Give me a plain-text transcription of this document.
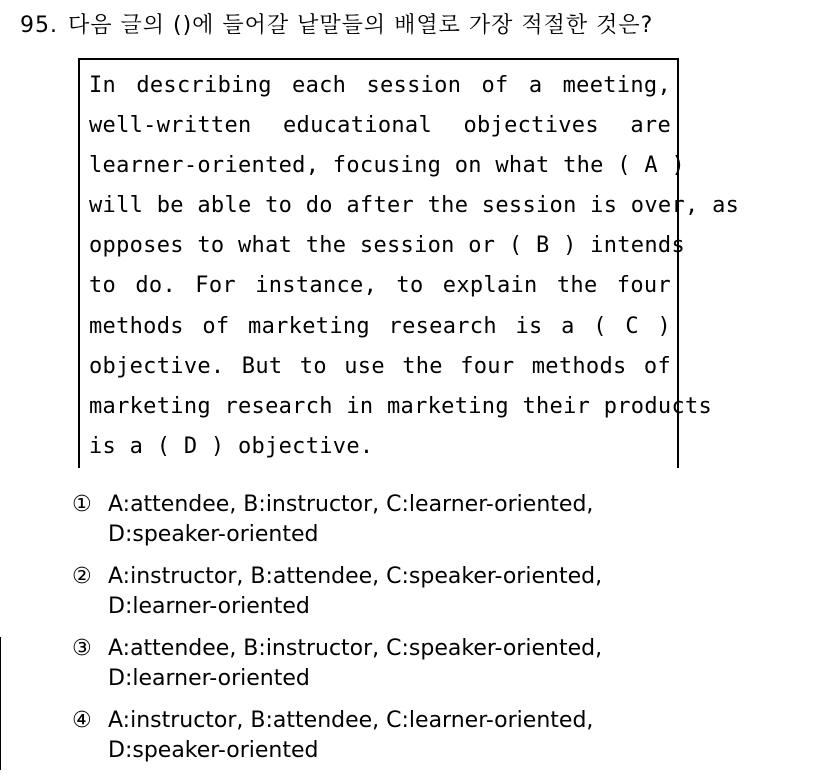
95. 다음 글의 ()에 들어갈 낱말들의 배열로 가장 적절한 것은?
In describing each session of a meeting,
well-written educational objectives are
learner-oriented, focusing on what the ( A )
will be able to do after the session is over, as
opposes to what the session or ( B ) intends
to do. For instance, to explain the four
methods of marketing research is a ( C )
objective. But to use the four methods of
marketing research in marketing their products
is a ( D ) objective.
① A:attendee, B:instructor, C:learner-oriented,
D:speaker-oriented
② A:instructor, B:attendee, C:speaker-oriented,
D:learner-oriented
③ A:attendee, B:instructor, C:speaker-oriented,
D:learner-oriented
④ A:instructor, B:attendee, C:learner-oriented,
D:speaker-oriented
